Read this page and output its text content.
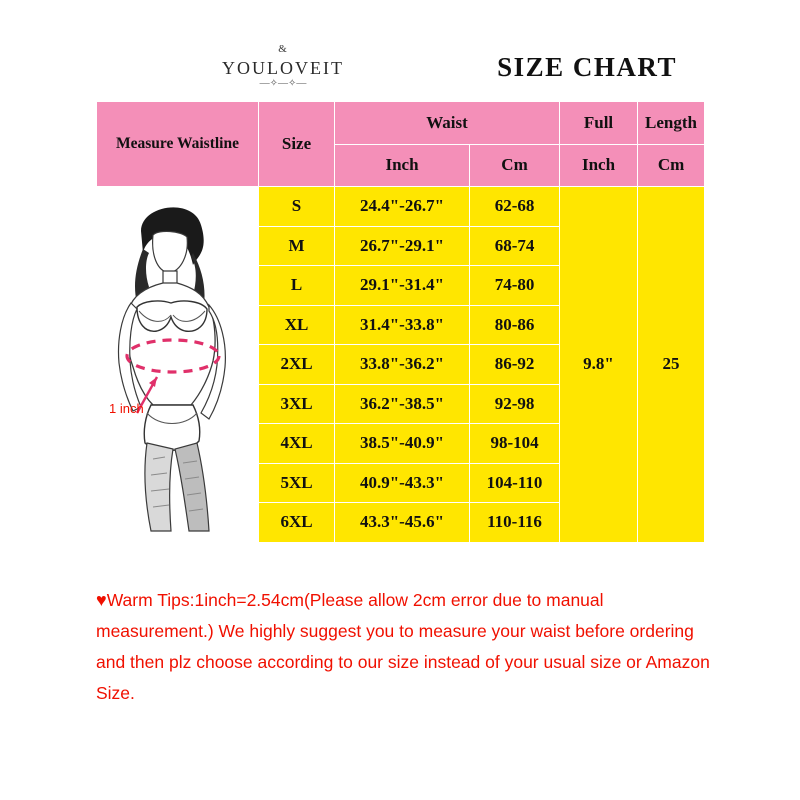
&
YOULOVEIT
—✧—✧—			SIZE CHART		

Measure Waistline	Size	Waist		Full	Length
		Inch	Cm	Inch	Cm

1 inch	S	24.4"-26.7"	62-68	9.8"	25
	M	26.7"-29.1"	68-74		
	L	29.1"-31.4"	74-80		
	XL	31.4"-33.8"	80-86		
	2XL	33.8"-36.2"	86-92		
	3XL	36.2"-38.5"	92-98		
	4XL	38.5"-40.9"	98-104		
	5XL	40.9"-43.3"	104-110		
	6XL	43.3"-45.6"	110-116		
♥Warm Tips:1inch=2.54cm(Please allow 2cm error due to manual measurement.) We highly suggest you to measure your waist before ordering and then plz choose according to our size instead of your usual size or Amazon Size.
